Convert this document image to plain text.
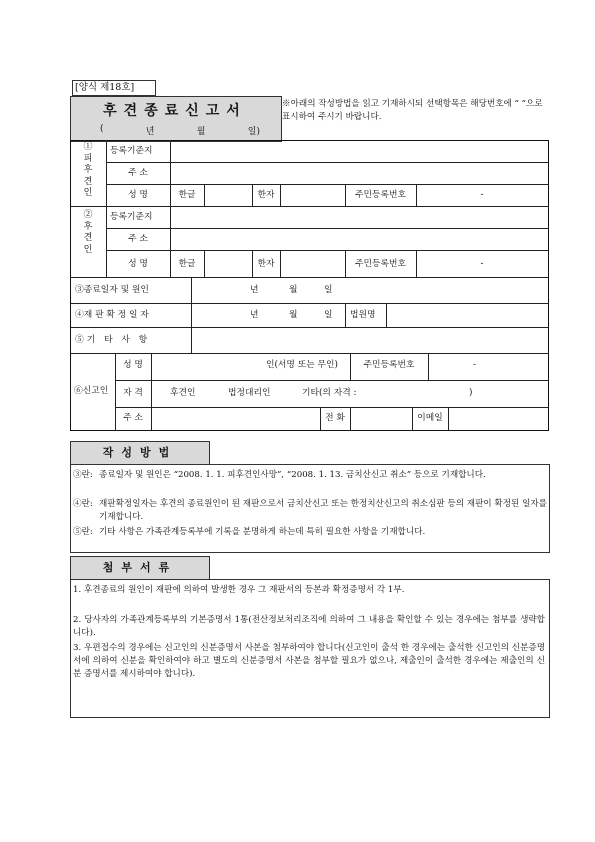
[양식 제18호]
후견종료신고서
(	년	월	일)
※아래의 작성방법을 읽고 기재하시되 선택항목은 해당번호에 “ ”으로 표시하여 주시기 바랍니다.
①피후견인
등록기준지
주 소
성 명	한글	한자	주민등록번호	-
②후견인
등록기준지
주 소
성 명	한글	한자	주민등록번호	-
③종료일자 및 원인	년	월	일
④재 판 확 정 일 자	년	월	일 법원명
⑤기 타 사 항
⑥신고인
성 명	인(서명 또는 무인)	주민등록번호	-
자 격	후견인	법정대리인	기타(의 자격 :	)
주 소	전 화	이메일
작성방법
③란: 종료일자 및 원인은 “2008. 1. 1. 피후견인사망”, “2008. 1. 13. 금치산신고 취소” 등으로 기재합니다.
④란: 재판확정일자는 후견의 종료원인이 된 재판으로서 금치산신고 또는 한정치산신고의 취소심판 등의 재판이 확정된 일자를 기재합니다.
⑤란: 기타 사항은 가족관계등록부에 기록을 분명하게 하는데 특히 필요한 사항을 기재합니다.
첨부서류
1. 후견종료의 원인이 재판에 의하여 발생한 경우 그 재판서의 등본과 확정증명서 각 1부.
2. 당사자의 가족관계등록부의 기본증명서 1통(전산정보처리조직에 의하여 그 내용을 확인할 수 있는 경우에는 첨부를 생략합니다).
3. 우편접수의 경우에는 신고인의 신분증명서 사본을 첨부하여야 합니다(신고인이 출석 한 경우에는 출석한 신고인의 신분증명서에 의하여 신분을 확인하여야 하고 별도의 신분증명서 사본을 첨부할 필요가 없으나, 제출인이 출석한 경우에는 제출인의 신분 증명서를 제시하여야 합니다).
